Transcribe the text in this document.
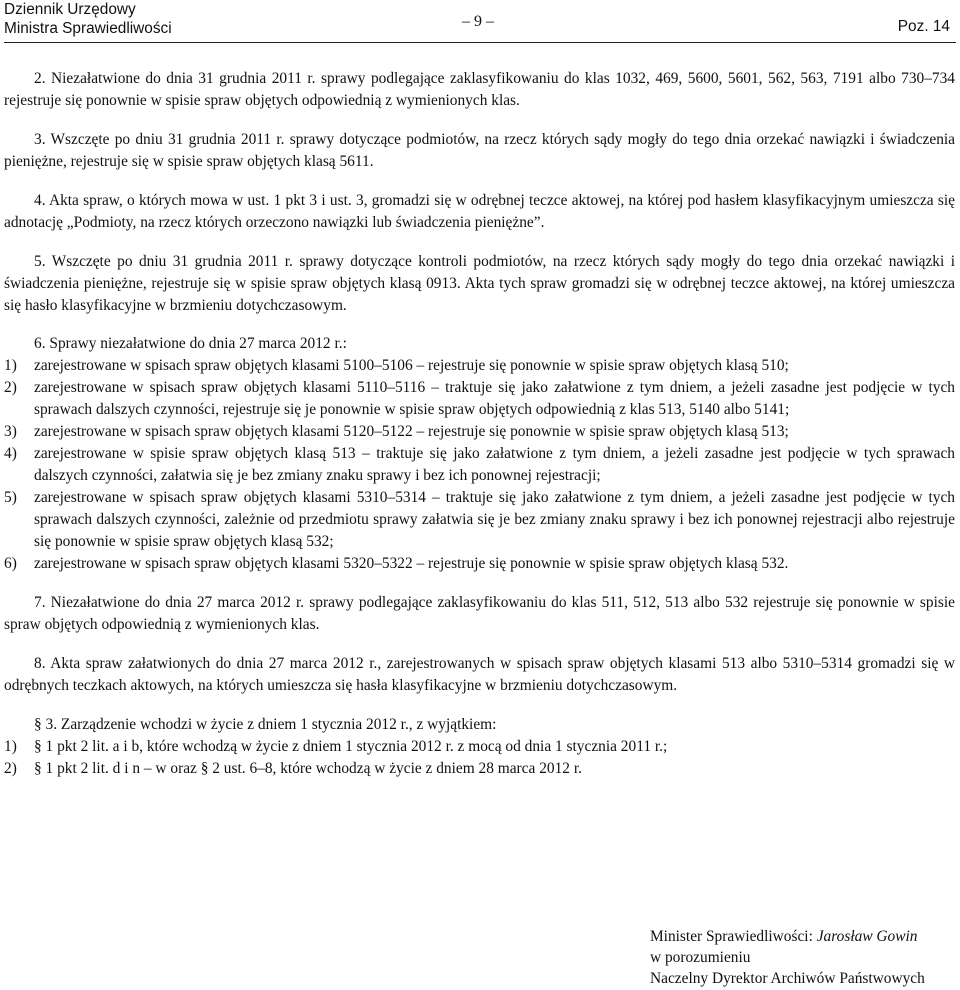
Dziennik Urzędowy
Ministra Sprawiedliwości	– 9 –	Poz. 14

2. Niezałatwione do dnia 31 grudnia 2011 r. sprawy podlegające zaklasyfikowaniu do klas 1032, 469, 5600, 5601, 562, 563, 7191 albo 730–734 rejestruje się ponownie w spisie spraw objętych odpowiednią z wymienionych klas.

3. Wszczęte po dniu 31 grudnia 2011 r. sprawy dotyczące podmiotów, na rzecz których sądy mogły do tego dnia orzekać nawiązki i świadczenia pieniężne, rejestruje się w spisie spraw objętych klasą 5611.

4. Akta spraw, o których mowa w ust. 1 pkt 3 i ust. 3, gromadzi się w odrębnej teczce aktowej, na której pod hasłem klasyfikacyjnym umieszcza się adnotację „Podmioty, na rzecz których orzeczono nawiązki lub świadczenia pieniężne”.

5. Wszczęte po dniu 31 grudnia 2011 r. sprawy dotyczące kontroli podmiotów, na rzecz których sądy mogły do tego dnia orzekać nawiązki i świadczenia pieniężne, rejestruje się w spisie spraw objętych klasą 0913. Akta tych spraw gromadzi się w odrębnej teczce aktowej, na której umieszcza się hasło klasyfikacyjne w brzmieniu dotychczasowym.

6. Sprawy niezałatwione do dnia 27 marca 2012 r.:

1)	zarejestrowane w spisach spraw objętych klasami 5100–5106 – rejestruje się ponownie w spisie spraw objętych klasą 510;
2)	zarejestrowane w spisach spraw objętych klasami 5110–5116 – traktuje się jako załatwione z tym dniem, a jeżeli zasadne jest podjęcie w tych sprawach dalszych czynności, rejestruje się je ponownie w spisie spraw objętych odpowiednią z klas 513, 5140 albo 5141;
3)	zarejestrowane w spisach spraw objętych klasami 5120–5122 – rejestruje się ponownie w spisie spraw objętych klasą 513;
4)	zarejestrowane w spisie spraw objętych klasą 513 – traktuje się jako załatwione z tym dniem, a jeżeli zasadne jest podjęcie w tych sprawach dalszych czynności, załatwia się je bez zmiany znaku sprawy i bez ich ponownej rejestracji;
5)	zarejestrowane w spisach spraw objętych klasami 5310–5314 – traktuje się jako załatwione z tym dniem, a jeżeli zasadne jest podjęcie w tych sprawach dalszych czynności, zależnie od przedmiotu sprawy załatwia się je bez zmiany znaku sprawy i bez ich ponownej rejestracji albo rejestruje się ponownie w spisie spraw objętych klasą 532;
6)	zarejestrowane w spisach spraw objętych klasami 5320–5322 – rejestruje się ponownie w spisie spraw objętych klasą 532.

7. Niezałatwione do dnia 27 marca 2012 r. sprawy podlegające zaklasyfikowaniu do klas 511, 512, 513 albo 532 rejestruje się ponownie w spisie spraw objętych odpowiednią z wymienionych klas.

8. Akta spraw załatwionych do dnia 27 marca 2012 r., zarejestrowanych w spisach spraw objętych klasami 513 albo 5310–5314 gromadzi się w odrębnych teczkach aktowych, na których umieszcza się hasła klasyfikacyjne w brzmieniu dotychczasowym.

§ 3. Zarządzenie wchodzi w życie z dniem 1 stycznia 2012 r., z wyjątkiem:

1)	§ 1 pkt 2 lit. a i b, które wchodzą w życie z dniem 1 stycznia 2012 r. z mocą od dnia 1 stycznia 2011 r.;
2)	§ 1 pkt 2 lit. d i n – w oraz § 2 ust. 6–8, które wchodzą w życie z dniem 28 marca 2012 r.
Minister Sprawiedliwości: Jarosław Gowin
w porozumieniu
Naczelny Dyrektor Archiwów Państwowych
